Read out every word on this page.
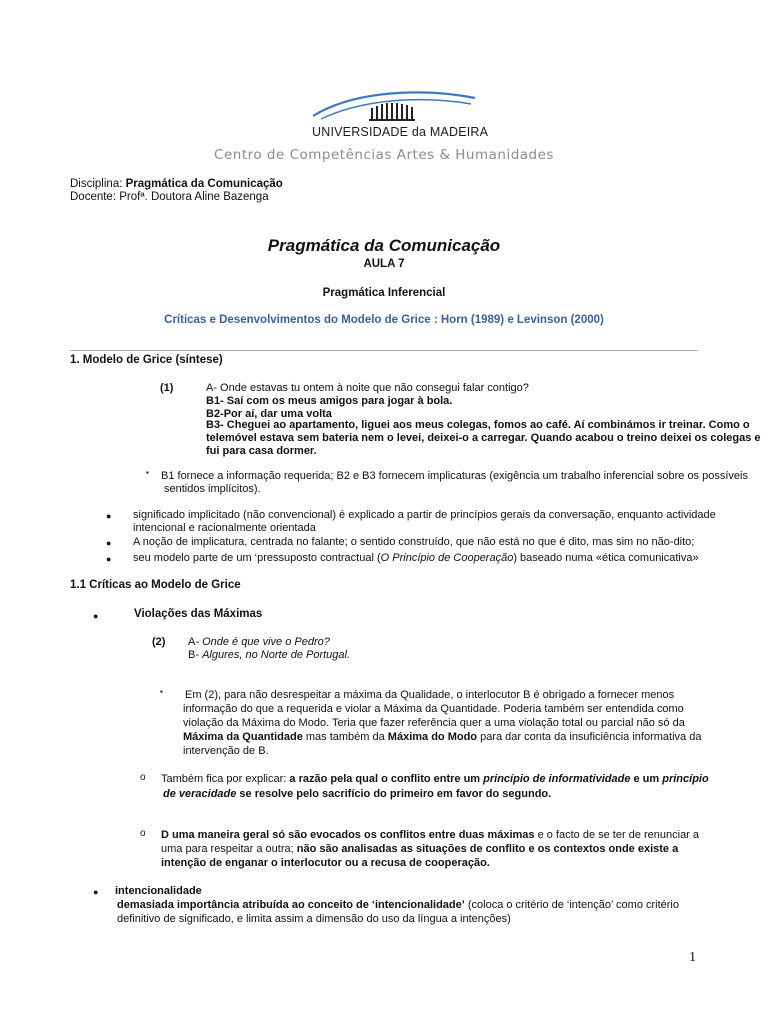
UNIVERSIDADE da MADEIRA
Centro de Competências Artes & Humanidades
Disciplina: Pragmática da Comunicação
Docente: Profª. Doutora Aline Bazenga
Pragmática da Comunicação
AULA 7
Pragmática Inferencial
Críticas e Desenvolvimentos do Modelo de Grice : Horn (1989) e Levinson (2000)
1. Modelo de Grice (síntese)
(1)	A- Onde estavas tu ontem à noite que não consegui falar contigo?
B1- Saí com os meus amigos para jogar à bola.
B2-Por aí, dar uma volta
B3- Cheguei ao apartamento, liguei aos meus colegas, fomos ao café. Aí combinámos ir treinar. Como o
telemóvel estava sem bateria nem o levei, deixei-o a carregar. Quando acabou o treino deixei os colegas e
fui para casa dormer.
▪ B1 fornece a informação requerida; B2 e B3 fornecem implicaturas (exigência um trabalho inferencial sobre os possíveis
sentidos implícitos).
● significado implicitado (não convencional) é explicado a partir de princípios gerais da conversação, enquanto actividade
intencional e racionalmente orientada
● A noção de implicatura, centrada no falante; o sentido construído, que não está no que é dito, mas sim no não-dito;
● seu modelo parte de um ‘pressuposto contractual (O Princípio de Cooperação) baseado numa «ética comunicativa»
1.1 Críticas ao Modelo de Grice
●	Violações das Máximas
(2) A- Onde é que vive o Pedro?
B- Algures, no Norte de Portugal.
▪ Em (2), para não desrespeitar a máxima da Qualidade, o interlocutor B é obrigado a fornecer menos
informação do que a requerida e violar a Máxima da Quantidade. Poderia também ser entendida como
violação da Máxima do Modo. Teria que fazer referência quer a uma violação total ou parcial não só da
Máxima da Quantidade mas também da Máxima do Modo para dar conta da insuficiência informativa da
intervenção de B.
o Também fica por explicar: a razão pela qual o conflito entre um princípio de informatividade e um princípio
de veracidade se resolve pelo sacrifício do primeiro em favor do segundo.
o D uma maneira geral só são evocados os conflitos entre duas máximas e o facto de se ter de renunciar a
uma para respeitar a outra; não são analisadas as situações de conflito e os contextos onde existe a
intenção de enganar o interlocutor ou a recusa de cooperação.
● intencionalidade
demasiada importância atribuída ao conceito de ‘intencionalidade’ (coloca o critério de ‘intenção’ como critério
definitivo de significado, e limita assim a dimensão do uso da língua a intenções)
1
